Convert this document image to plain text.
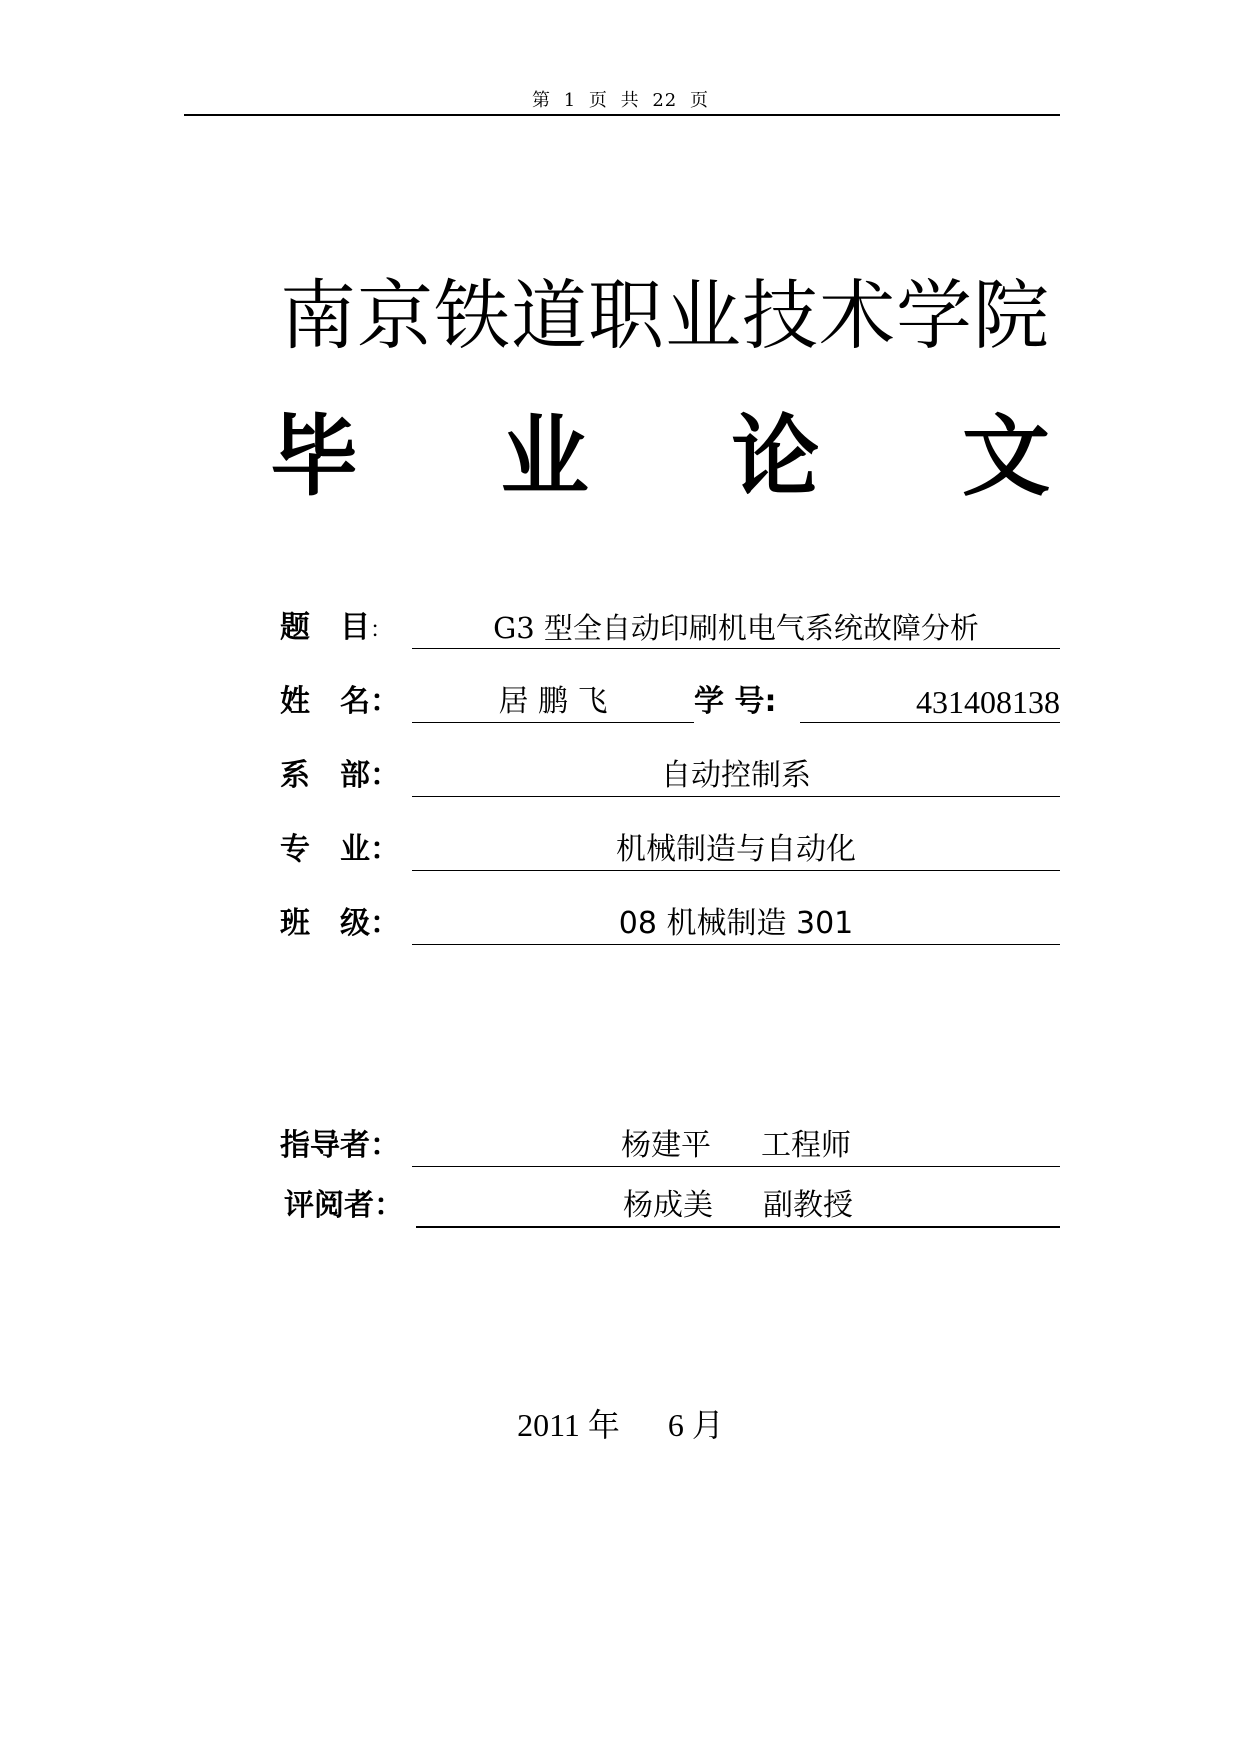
第 1 页 共 22 页
南京铁道职业技术学院
毕 业 论 文
题　目：	G3 型全自动印刷机电气系统故障分析
姓　名：	居 鹏 飞	学 号:	431408138
系　部：	自动控制系
专　业：	机械制造与自动化
班　级：	08 机械制造 301
指导者：	杨建平 工程师
评阅者：	杨成美 副教授
2011 年 6 月
